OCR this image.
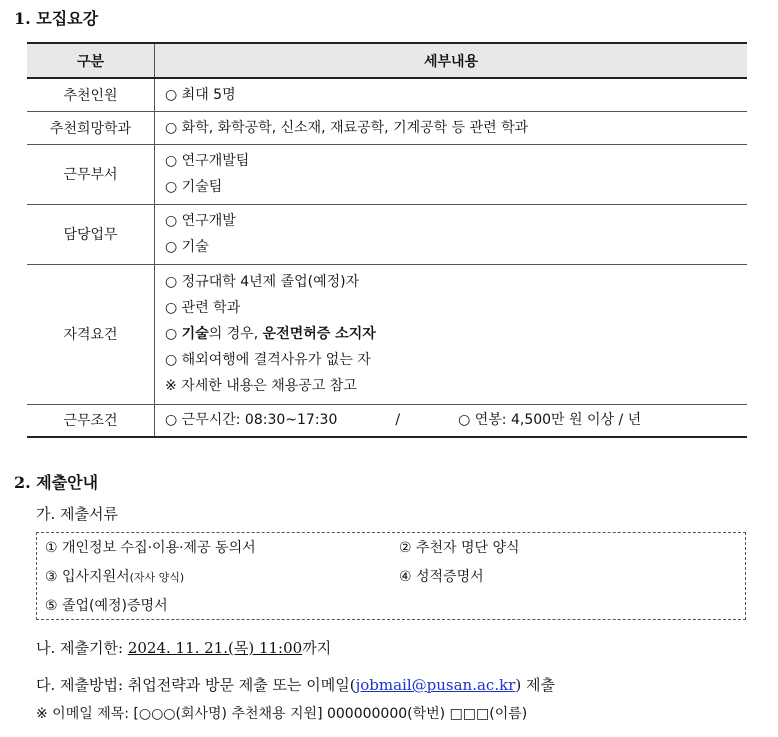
1. 모집요강
구분	세부내용
추천인원	○ 최대 5명

추천희망학과	○ 화학, 화학공학, 신소재, 재료공학, 기계공학 등 관련 학과

근무부서	○ 연구개발팀
○ 기술팀

담당업무	○ 연구개발
○ 기술

자격요건	○ 정규대학 4년제 졸업(예정)자
○ 관련 학과
○ 기술의 경우, 운전면허증 소지자
○ 해외여행에 결격사유가 없는 자
※ 자세한 내용은 채용공고 참고

근무조건	○ 근무시간: 08:30~17:30 / ○ 연봉: 4,500만 원 이상 / 년
2. 제출안내
가. 제출서류
① 개인정보 수집·이용·제공 동의서	② 추천자 명단 양식
③ 입사지원서(자사 양식)	④ 성적증명서
⑤ 졸업(예정)증명서
나. 제출기한: 2024. 11. 21.(목) 11:00까지
다. 제출방법: 취업전략과 방문 제출 또는 이메일(jobmail@pusan.ac.kr) 제출
※ 이메일 제목: [○○○(회사명) 추천채용 지원] 000000000(학번) □□□(이름)
